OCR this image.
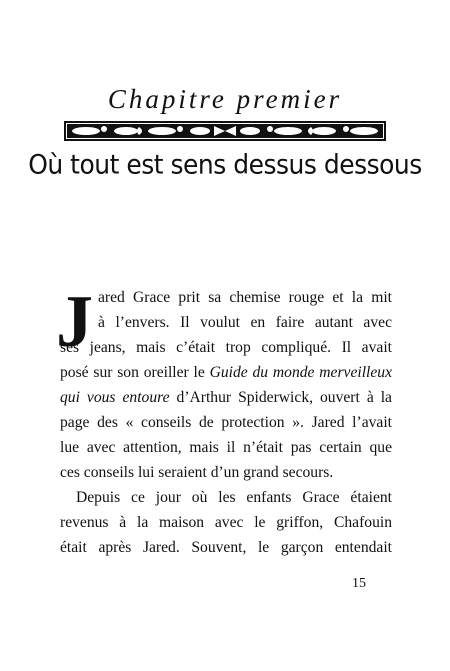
Chapitre premier
Où tout est sens dessus dessous
J ared Grace prit sa chemise rouge et la mit
à l’envers. Il voulut en faire autant avec
ses jeans, mais c’était trop compliqué. Il avait
posé sur son oreiller le Guide du monde merveilleux
qui vous entoure d’Arthur Spiderwick, ouvert à la
page des « conseils de protection ». Jared l’avait
lue avec attention, mais il n’était pas certain que
ces conseils lui seraient d’un grand secours.
Depuis ce jour où les enfants Grace étaient
revenus à la maison avec le griffon, Chafouin
était après Jared. Souvent, le garçon entendait
15
